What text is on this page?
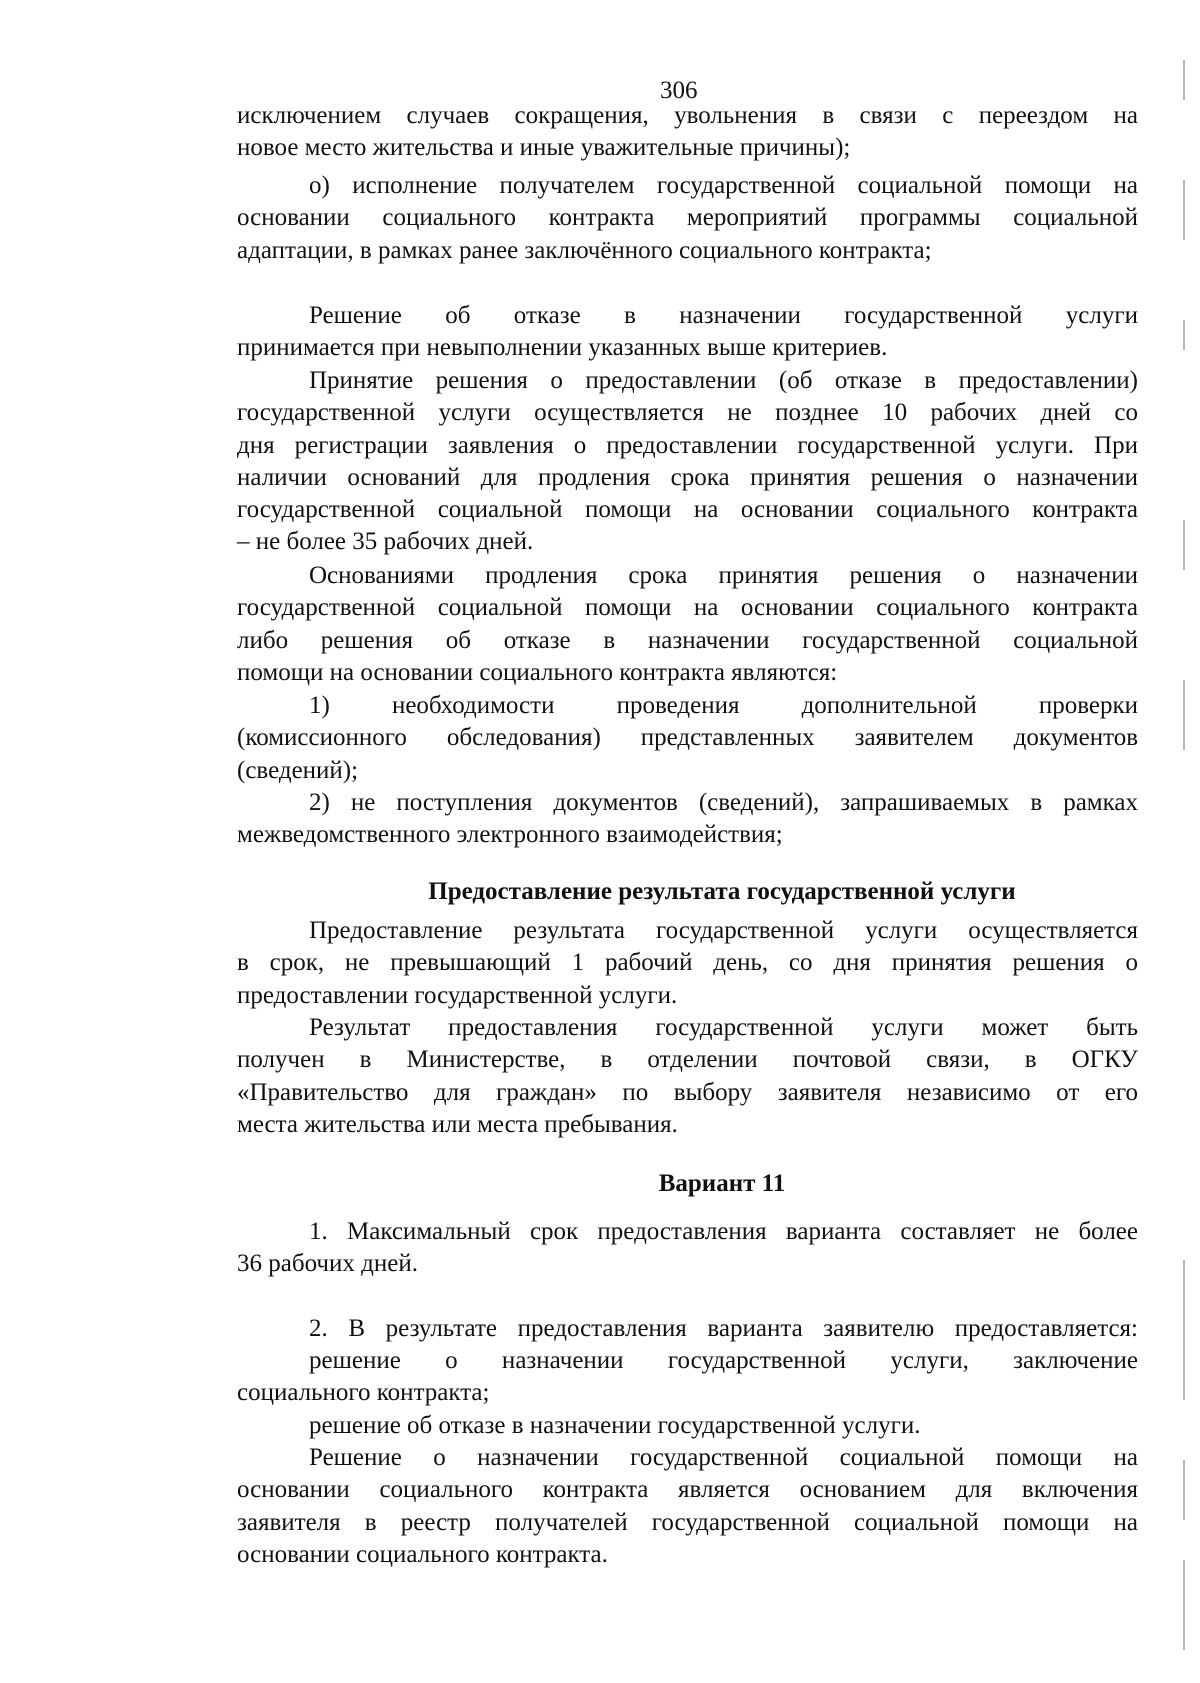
306
исключением случаев сокращения, увольнения в связи с переездом на
новое место жительства и иные уважительные причины);
о) исполнение получателем государственной социальной помощи на
основании социального контракта мероприятий программы социальной
адаптации, в рамках ранее заключённого социального контракта;
Решение об отказе в назначении государственной услуги
принимается при невыполнении указанных выше критериев.
Принятие решения о предоставлении (об отказе в предоставлении)
государственной услуги осуществляется не позднее 10 рабочих дней со
дня регистрации заявления о предоставлении государственной услуги. При
наличии оснований для продления срока принятия решения о назначении
государственной социальной помощи на основании социального контракта
– не более 35 рабочих дней.
Основаниями продления срока принятия решения о назначении
государственной социальной помощи на основании социального контракта
либо решения об отказе в назначении государственной социальной
помощи на основании социального контракта являются:
1) необходимости проведения дополнительной проверки
(комиссионного обследования) представленных заявителем документов
(сведений);
2) не поступления документов (сведений), запрашиваемых в рамках
межведомственного электронного взаимодействия;
Предоставление результата государственной услуги
Предоставление результата государственной услуги осуществляется
в срок, не превышающий 1 рабочий день, со дня принятия решения о
предоставлении государственной услуги.
Результат предоставления государственной услуги может быть
получен в Министерстве, в отделении почтовой связи, в ОГКУ
«Правительство для граждан» по выбору заявителя независимо от его
места жительства или места пребывания.
Вариант 11
1. Максимальный срок предоставления варианта составляет не более
36 рабочих дней.
2. В результате предоставления варианта заявителю предоставляется:
решение о назначении государственной услуги, заключение
социального контракта;
решение об отказе в назначении государственной услуги.
Решение о назначении государственной социальной помощи на
основании социального контракта является основанием для включения
заявителя в реестр получателей государственной социальной помощи на
основании социального контракта.
